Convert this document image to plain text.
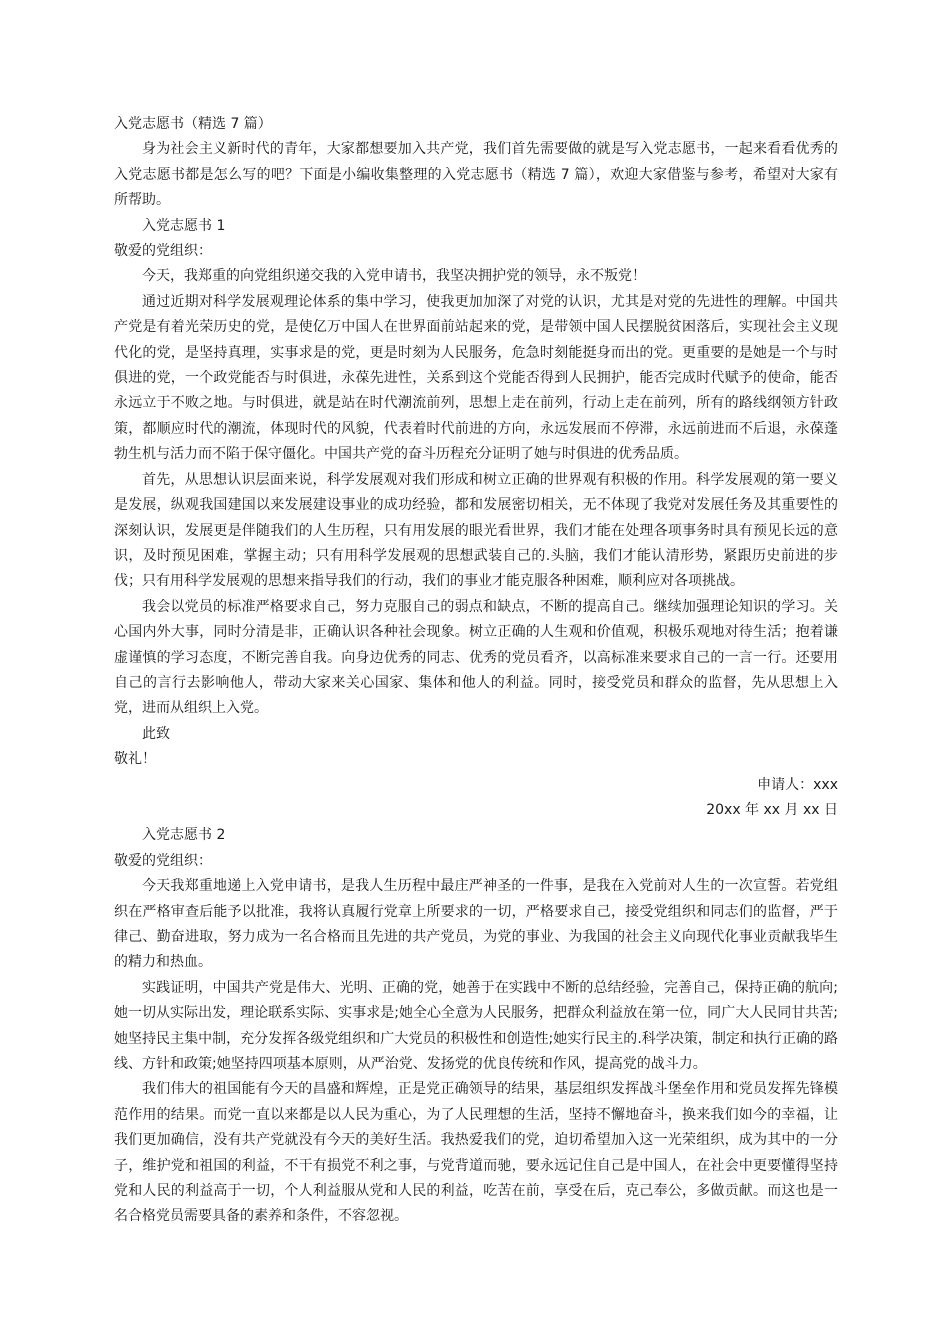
入党志愿书（精选 7 篇）

身为社会主义新时代的青年，大家都想要加入共产党，我们首先需要做的就是写入党志愿书，一起来看看优秀的入党志愿书都是怎么写的吧？下面是小编收集整理的入党志愿书（精选 7 篇），欢迎大家借鉴与参考，希望对大家有所帮助。

入党志愿书 1

敬爱的党组织：

今天，我郑重的向党组织递交我的入党申请书，我坚决拥护党的领导，永不叛党！

通过近期对科学发展观理论体系的集中学习，使我更加加深了对党的认识，尤其是对党的先进性的理解。中国共产党是有着光荣历史的党，是使亿万中国人在世界面前站起来的党，是带领中国人民摆脱贫困落后，实现社会主义现代化的党，是坚持真理，实事求是的党，更是时刻为人民服务，危急时刻能挺身而出的党。更重要的是她是一个与时俱进的党，一个政党能否与时俱进，永葆先进性，关系到这个党能否得到人民拥护，能否完成时代赋予的使命，能否永远立于不败之地。与时俱进，就是站在时代潮流前列，思想上走在前列，行动上走在前列，所有的路线纲领方针政策，都顺应时代的潮流，体现时代的风貌，代表着时代前进的方向，永远发展而不停滞，永远前进而不后退，永葆蓬勃生机与活力而不陷于保守僵化。中国共产党的奋斗历程充分证明了她与时俱进的优秀品质。

首先，从思想认识层面来说，科学发展观对我们形成和树立正确的世界观有积极的作用。科学发展观的第一要义是发展，纵观我国建国以来发展建设事业的成功经验，都和发展密切相关，无不体现了我党对发展任务及其重要性的深刻认识，发展更是伴随我们的人生历程，只有用发展的眼光看世界，我们才能在处理各项事务时具有预见长远的意识，及时预见困难，掌握主动；只有用科学发展观的思想武装自己的.头脑，我们才能认清形势，紧跟历史前进的步伐；只有用科学发展观的思想来指导我们的行动，我们的事业才能克服各种困难，顺利应对各项挑战。

我会以党员的标准严格要求自己，努力克服自己的弱点和缺点，不断的提高自己。继续加强理论知识的学习。关心国内外大事，同时分清是非，正确认识各种社会现象。树立正确的人生观和价值观，积极乐观地对待生活；抱着谦虚谨慎的学习态度，不断完善自我。向身边优秀的同志、优秀的党员看齐，以高标准来要求自己的一言一行。还要用自己的言行去影响他人，带动大家来关心国家、集体和他人的利益。同时，接受党员和群众的监督，先从思想上入党，进而从组织上入党。

此致

敬礼！

申请人：xxx

20xx 年 xx 月 xx 日

入党志愿书 2

敬爱的党组织：

今天我郑重地递上入党申请书，是我人生历程中最庄严神圣的一件事，是我在入党前对人生的一次宣誓。若党组织在严格审查后能予以批准，我将认真履行党章上所要求的一切，严格要求自己，接受党组织和同志们的监督，严于律己、勤奋进取，努力成为一名合格而且先进的共产党员，为党的事业、为我国的社会主义向现代化事业贡献我毕生的精力和热血。

实践证明，中国共产党是伟大、光明、正确的党，她善于在实践中不断的总结经验，完善自己，保持正确的航向;她一切从实际出发，理论联系实际、实事求是;她全心全意为人民服务，把群众利益放在第一位，同广大人民同甘共苦;她坚持民主集中制，充分发挥各级党组织和广大党员的积极性和创造性;她实行民主的.科学决策，制定和执行正确的路线、方针和政策;她坚持四项基本原则，从严治党、发扬党的优良传统和作风，提高党的战斗力。

我们伟大的祖国能有今天的昌盛和辉煌，正是党正确领导的结果，基层组织发挥战斗堡垒作用和党员发挥先锋模范作用的结果。而党一直以来都是以人民为重心，为了人民理想的生活，坚持不懈地奋斗，换来我们如今的幸福，让我们更加确信，没有共产党就没有今天的美好生活。我热爱我们的党，迫切希望加入这一光荣组织，成为其中的一分子，维护党和祖国的利益，不干有损党不利之事，与党背道而驰，要永远记住自己是中国人，在社会中更要懂得坚持党和人民的利益高于一切，个人利益服从党和人民的利益，吃苦在前，享受在后，克己奉公，多做贡献。而这也是一名合格党员需要具备的素养和条件，不容忽视。
